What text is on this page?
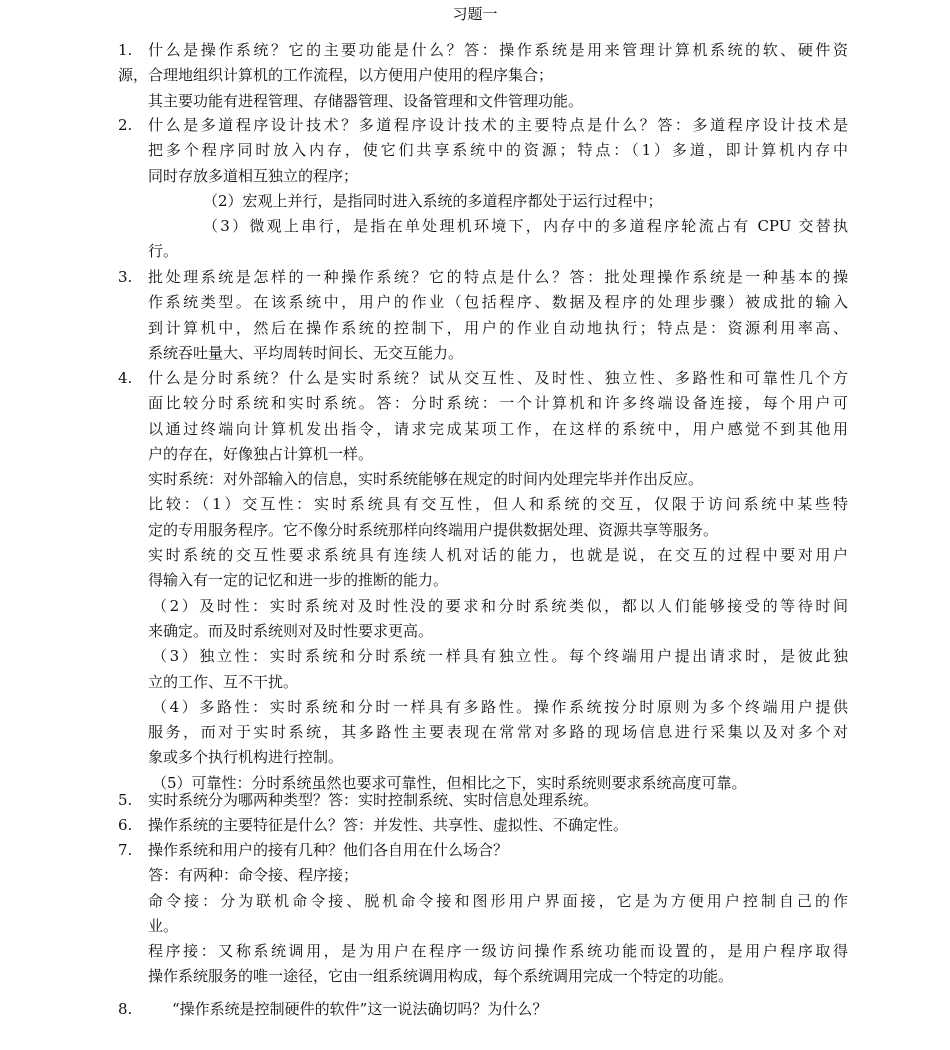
习题一
1. 什么是操作系统？它的主要功能是什么？答：操作系统是用来管理计算机系统的软、硬件资
源，合理地组织计算机的工作流程，以方便用户使用的程序集合；
其主要功能有进程管理、存储器管理、设备管理和文件管理功能。
2. 什么是多道程序设计技术？多道程序设计技术的主要特点是什么？答：多道程序设计技术是
把多个程序同时放入内存，使它们共享系统中的资源；特点：（1）多道，即计算机内存中
同时存放多道相互独立的程序；
（2）宏观上并行，是指同时进入系统的多道程序都处于运行过程中；
（3）微观上串行，是指在单处理机环境下，内存中的多道程序轮流占有 CPU 交替执
行。
3. 批处理系统是怎样的一种操作系统？它的特点是什么？答：批处理操作系统是一种基本的操
作系统类型。在该系统中，用户的作业（包括程序、数据及程序的处理步骤）被成批的输入
到计算机中，然后在操作系统的控制下，用户的作业自动地执行；特点是：资源利用率高、
系统吞吐量大、平均周转时间长、无交互能力。
4. 什么是分时系统？什么是实时系统？试从交互性、及时性、独立性、多路性和可靠性几个方
面比较分时系统和实时系统。答：分时系统：一个计算机和许多终端设备连接，每个用户可
以通过终端向计算机发出指令，请求完成某项工作，在这样的系统中，用户感觉不到其他用
户的存在，好像独占计算机一样。
实时系统：对外部输入的信息，实时系统能够在规定的时间内处理完毕并作出反应。
比较：（1）交互性：实时系统具有交互性，但人和系统的交互，仅限于访问系统中某些特
定的专用服务程序。它不像分时系统那样向终端用户提供数据处理、资源共享等服务。
实时系统的交互性要求系统具有连续人机对话的能力，也就是说，在交互的过程中要对用户
得输入有一定的记忆和进一步的推断的能力。
（2）及时性：实时系统对及时性没的要求和分时系统类似，都以人们能够接受的等待时间
来确定。而及时系统则对及时性要求更高。
（3）独立性：实时系统和分时系统一样具有独立性。每个终端用户提出请求时，是彼此独
立的工作、互不干扰。
（4）多路性：实时系统和分时一样具有多路性。操作系统按分时原则为多个终端用户提供
服务，而对于实时系统，其多路性主要表现在常常对多路的现场信息进行采集以及对多个对
象或多个执行机构进行控制。
（5）可靠性：分时系统虽然也要求可靠性，但相比之下，实时系统则要求系统高度可靠。
5. 实时系统分为哪两种类型？答：实时控制系统、实时信息处理系统。
6. 操作系统的主要特征是什么？答：并发性、共享性、虚拟性、不确定性。
7. 操作系统和用户的接有几种？他们各自用在什么场合？
答：有两种：命令接、程序接；
命令接：分为联机命令接、脱机命令接和图形用户界面接，它是为方便用户控制自己的作
业。
程序接：又称系统调用，是为用户在程序一级访问操作系统功能而设置的，是用户程序取得
操作系统服务的唯一途径，它由一组系统调用构成，每个系统调用完成一个特定的功能。
8.	“操作系统是控制硬件的软件”这一说法确切吗？为什么？
